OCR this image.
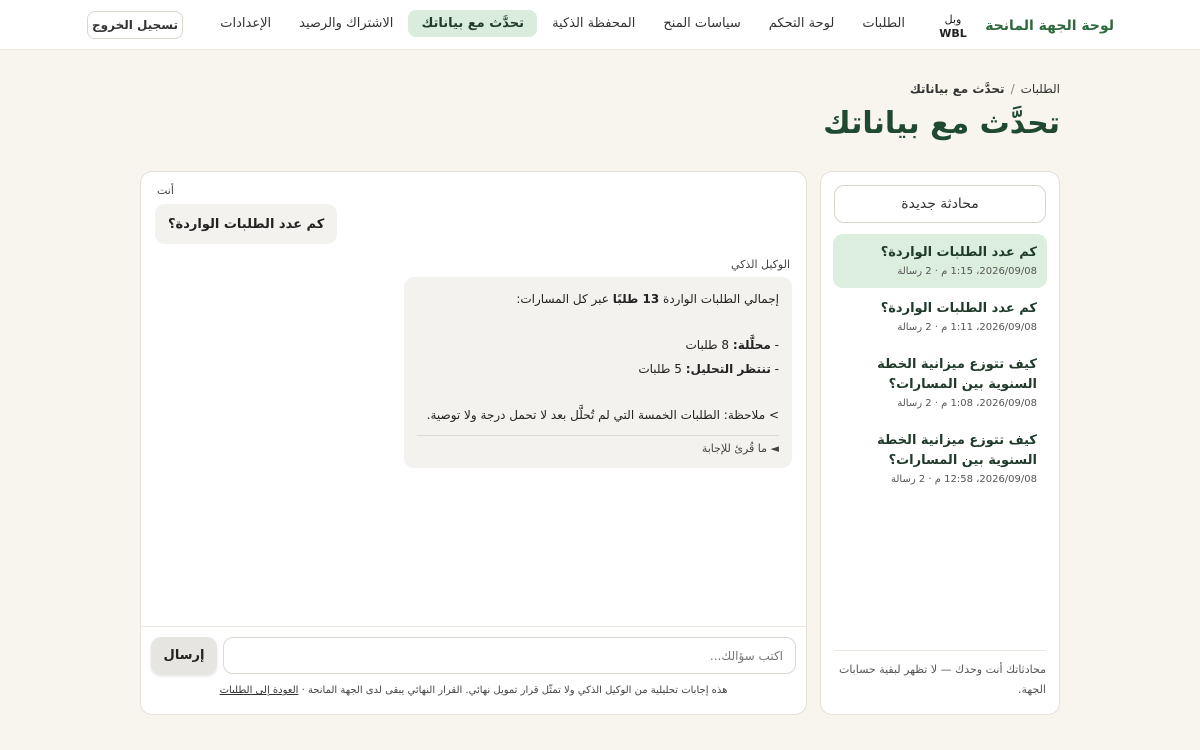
لوحة الجهة المانحة
وبل
WBL
الطلبات
لوحة التحكم
سياسات المنح
المحفظة الذكية
تحدَّث مع بياناتك
الاشتراك والرصيد
الإعدادات
تسجيل الخروج
الطلبات
/
تحدَّث مع بياناتك
تحدَّث مع بياناتك
محادثة جديدة
كم عدد الطلبات الواردة؟
2026/09/08، 1:15 م · 2 رسالة
كم عدد الطلبات الواردة؟
2026/09/08، 1:11 م · 2 رسالة
كيف تتوزع ميزانية الخطة السنوية بين المسارات؟
2026/09/08، 1:08 م · 2 رسالة
كيف تتوزع ميزانية الخطة السنوية بين المسارات؟
2026/09/08، 12:58 م · 2 رسالة
محادثاتك أنت وحدك — لا تظهر لبقية حسابات الجهة.
أنت
كم عدد الطلبات الواردة؟
الوكيل الذكي
إجمالي الطلبات الواردة 13 طلبًا عبر كل المسارات:
- محلَّلة: 8 طلبات
- تنتظر التحليل: 5 طلبات
> ملاحظة: الطلبات الخمسة التي لم تُحلَّل بعد لا تحمل درجة ولا توصية.
◄ ما قُرئ للإجابة
اكتب سؤالك...
إرسال
هذه إجابات تحليلية من الوكيل الذكي ولا تمثّل قرار تمويل نهائي. القرار النهائي يبقى لدى الجهة المانحة · العودة إلى الطلبات
